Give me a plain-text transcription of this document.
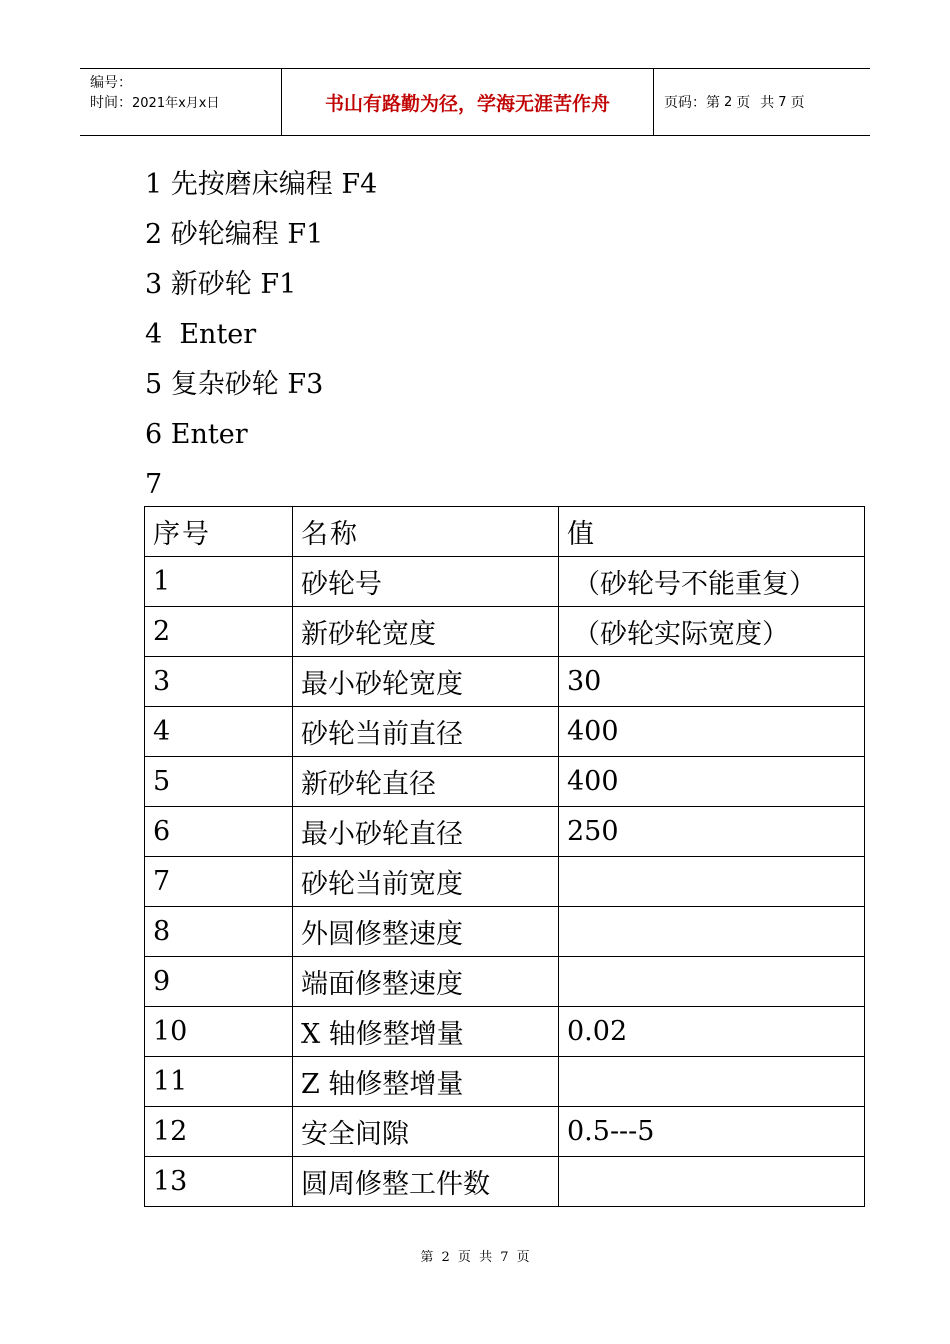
编号：
时间：2021年x月x日	书山有路勤为径，学海无涯苦作舟	页码：第 2 页 共 7 页
1 先按磨床编程 F4
2 砂轮编程 F1
3 新砂轮 F1
4  Enter
5 复杂砂轮 F3
6 Enter
7
序号	名称	值
1	砂轮号	（砂轮号不能重复）
2	新砂轮宽度	（砂轮实际宽度）
3	最小砂轮宽度	30
4	砂轮当前直径	400
5	新砂轮直径	400
6	最小砂轮直径	250
7	砂轮当前宽度	
8	外圆修整速度	
9	端面修整速度	
10	X 轴修整增量	0.02
11	Z 轴修整增量	
12	安全间隙	0.5---5
13	圆周修整工件数	
第 2 页 共 7 页
